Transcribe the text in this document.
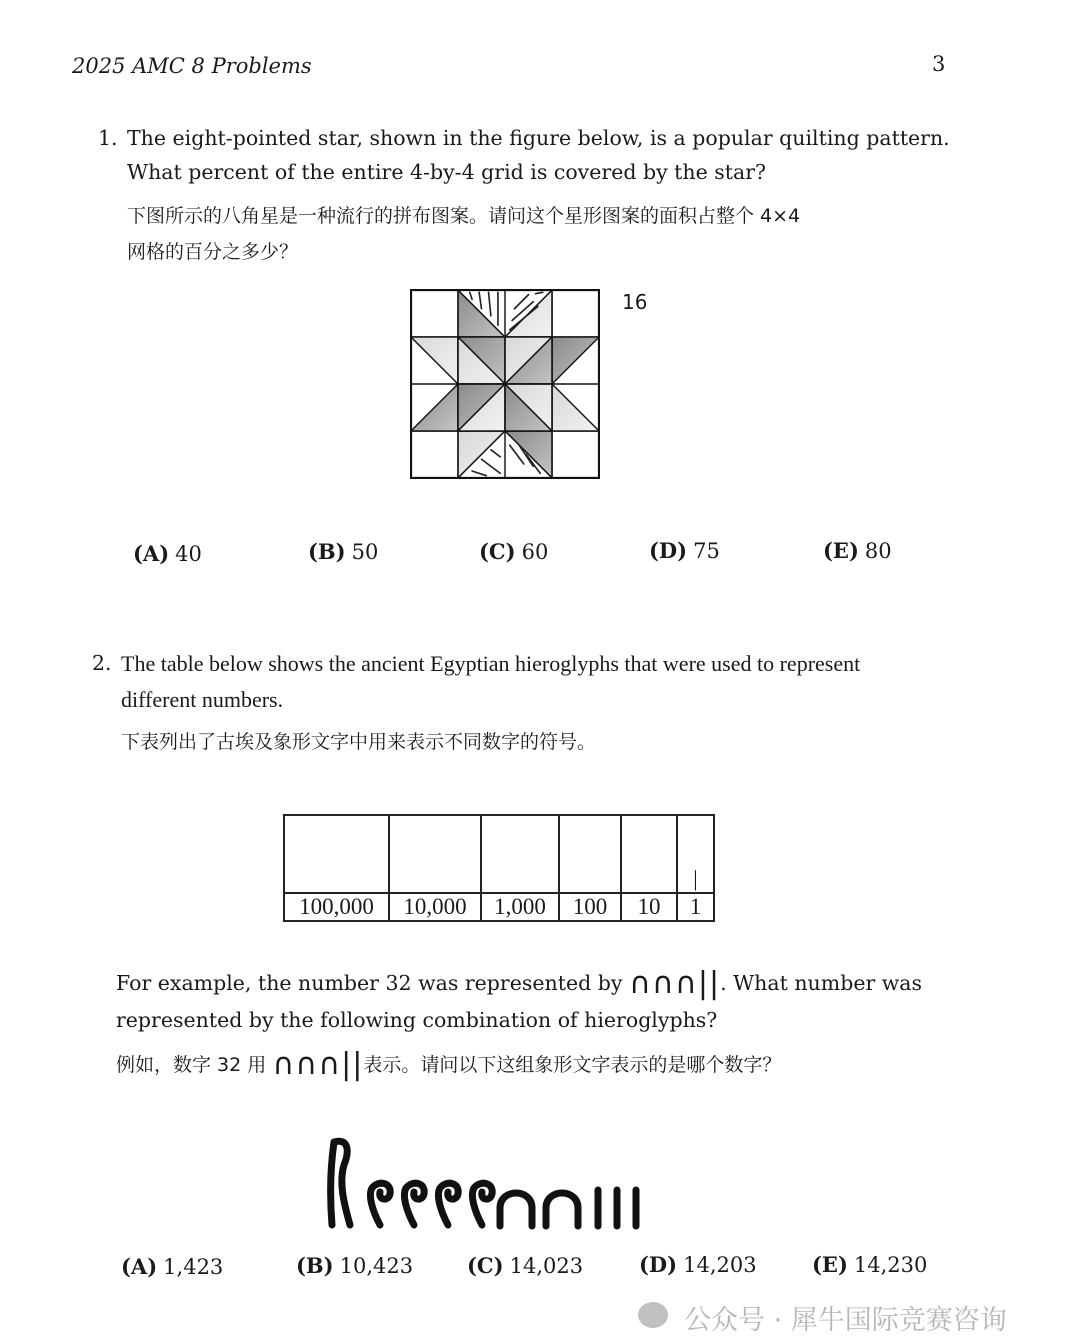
2025 AMC 8 Problems	3
1. The eight-pointed star, shown in the figure below, is a popular quilting pattern.
What percent of the entire 4-by-4 grid is covered by the star?
下图所示的八角星是一种流行的拼布图案。请问这个星形图案的面积占整个 4×4
网格的百分之多少？
16
(A) 40	(B) 50	(C) 60	(D) 75	(E) 80
2. The table below shows the ancient Egyptian hieroglyphs that were used to represent
different numbers.
下表列出了古埃及象形文字中用来表示不同数字的符号。
					|
100,000	10,000	1,000	100	10	1
For example, the number 32 was represented by ∩∩∩||. What number was
represented by the following combination of hieroglyphs?
例如，数字 32 用 ∩∩∩||表示。请问以下这组象形文字表示的是哪个数字？
(A) 1,423	(B) 10,423	(C) 14,023	(D) 14,203	(E) 14,230
公众号 · 犀牛国际竞赛咨询
